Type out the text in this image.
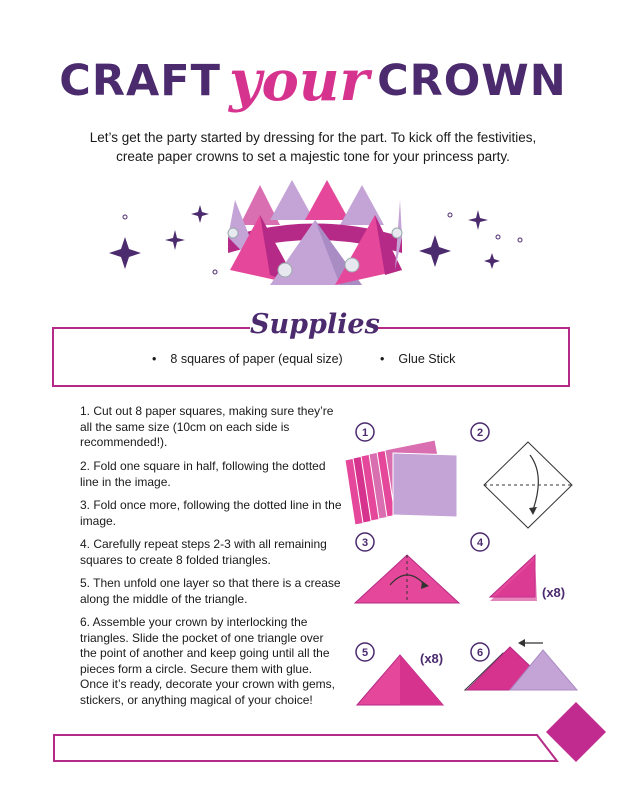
CRAFT your CROWN
Let’s get the party started by dressing for the part. To kick off the festivities,
create paper crowns to set a majestic tone for your princess party.
Supplies
• 8 squares of paper (equal size)	• Glue Stick
1. Cut out 8 paper squares, making sure they’re all the same size (10cm on each side is recommended!).
2. Fold one square in half, following the dotted line in the image.
3. Fold once more, following the dotted line in the image.
4. Carefully repeat steps 2-3 with all remaining squares to create 8 folded triangles.
5. Then unfold one layer so that there is a crease along the middle of the triangle.
6. Assemble your crown by interlocking the triangles. Slide the pocket of one triangle over the point of another and keep going until all the pieces form a circle. Secure them with glue. Once it’s ready, decorate your crown with gems, stickers, or anything magical of your choice!
1	2
3	4
(x8)
5	(x8)	6
